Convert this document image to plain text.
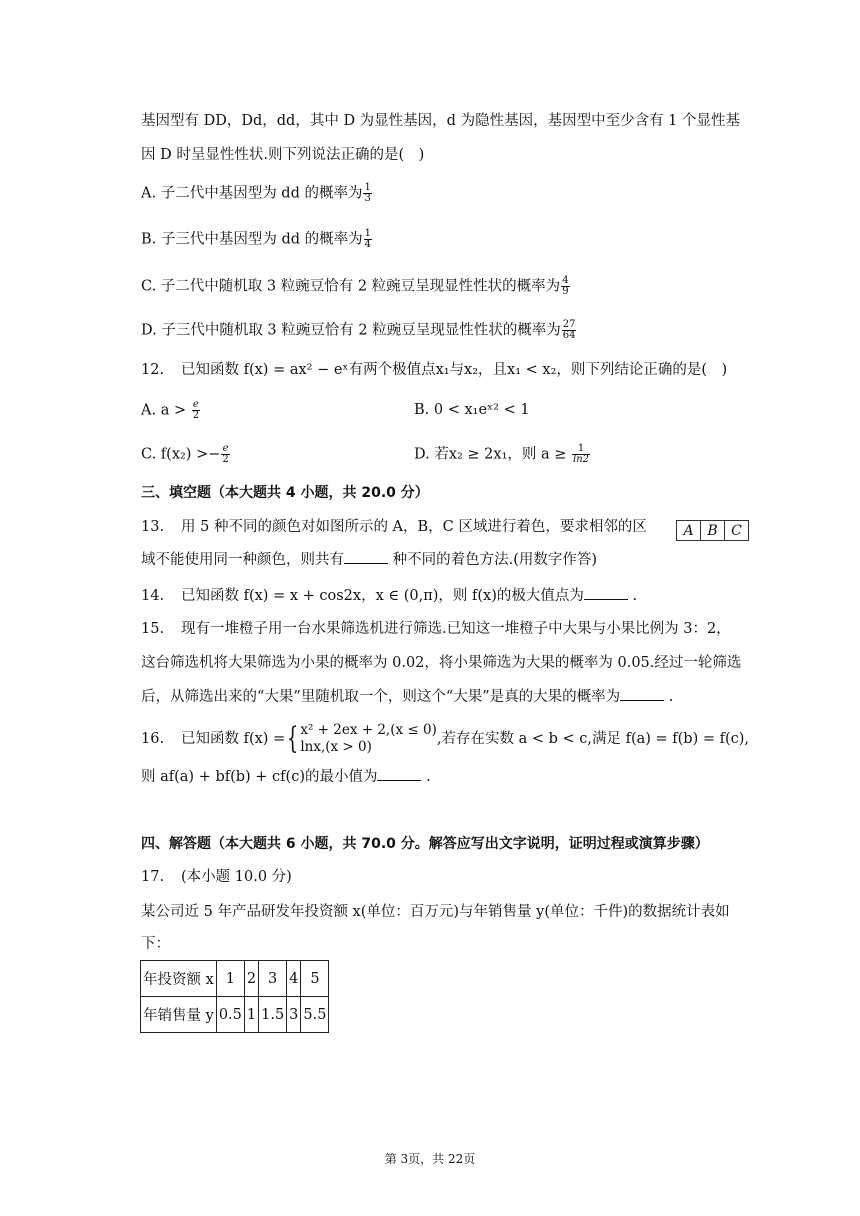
基因型有 DD，Dd，dd，其中 D 为显性基因，d 为隐性基因，基因型中至少含有 1 个显性基
因 D 时呈显性性状.则下列说法正确的是(　)
A. 子二代中基因型为 dd 的概率为 $\frac{1}{3}$
B. 子三代中基因型为 dd 的概率为 $\frac{1}{4}$
C. 子二代中随机取 3 粒豌豆恰有 2 粒豌豆呈现显性性状的概率为 $\frac{4}{9}$
D. 子三代中随机取 3 粒豌豆恰有 2 粒豌豆呈现显性性状的概率为 $\frac{27}{64}$
12. 已知函数 f(x) = ax² − eˣ有两个极值点x₁与x₂，且x₁ < x₂，则下列结论正确的是(　)
A. $a > \frac{e}{2}$	B. 0 < x₁eˣ² < 1
C. $f(x_2) >- \frac{e}{2}$	D. 若x₂ ≥ 2x₁，则 $a \ge \frac{1}{\ln 2}$
三、填空题（本大题共 4 小题，共 20.0 分）
13. 用 5 种不同的颜色对如图所示的 A，B，C 区域进行着色，要求相邻的区	A B C
域不能使用同一种颜色，则共有	种不同的着色方法.(用数字作答)
14. 已知函数 f(x) = x + cos2x，x ∈ (0,π)，则 f(x)的极大值点为	.
15. 现有一堆橙子用一台水果筛选机进行筛选.已知这一堆橙子中大果与小果比例为 3：2，
这台筛选机将大果筛选为小果的概率为 0.02，将小果筛选为大果的概率为 0.05.经过一轮筛选
后，从筛选出来的“大果”里随机取一个，则这个“大果”是真的大果的概率为	.
16. 已知函数 f(x) ={ x² + 2ex + 2,(x ≤ 0)
lnx,(x > 0)	,若存在实数 a < b < c,满足 f(a) = f(b) = f(c),
则 af(a) + bf(b) + cf(c)的最小值为	.
四、解答题（本大题共 6 小题，共 70.0 分。解答应写出文字说明，证明过程或演算步骤）
17. (本小题 10.0 分)
某公司近 5 年产品研发年投资额 x(单位：百万元)与年销售量 y(单位：千件)的数据统计表如
下：
年投资额 x	1	2	3	4	5
年销售量 y	0.5	1	1.5	3	5.5
第 3页，共 22页
